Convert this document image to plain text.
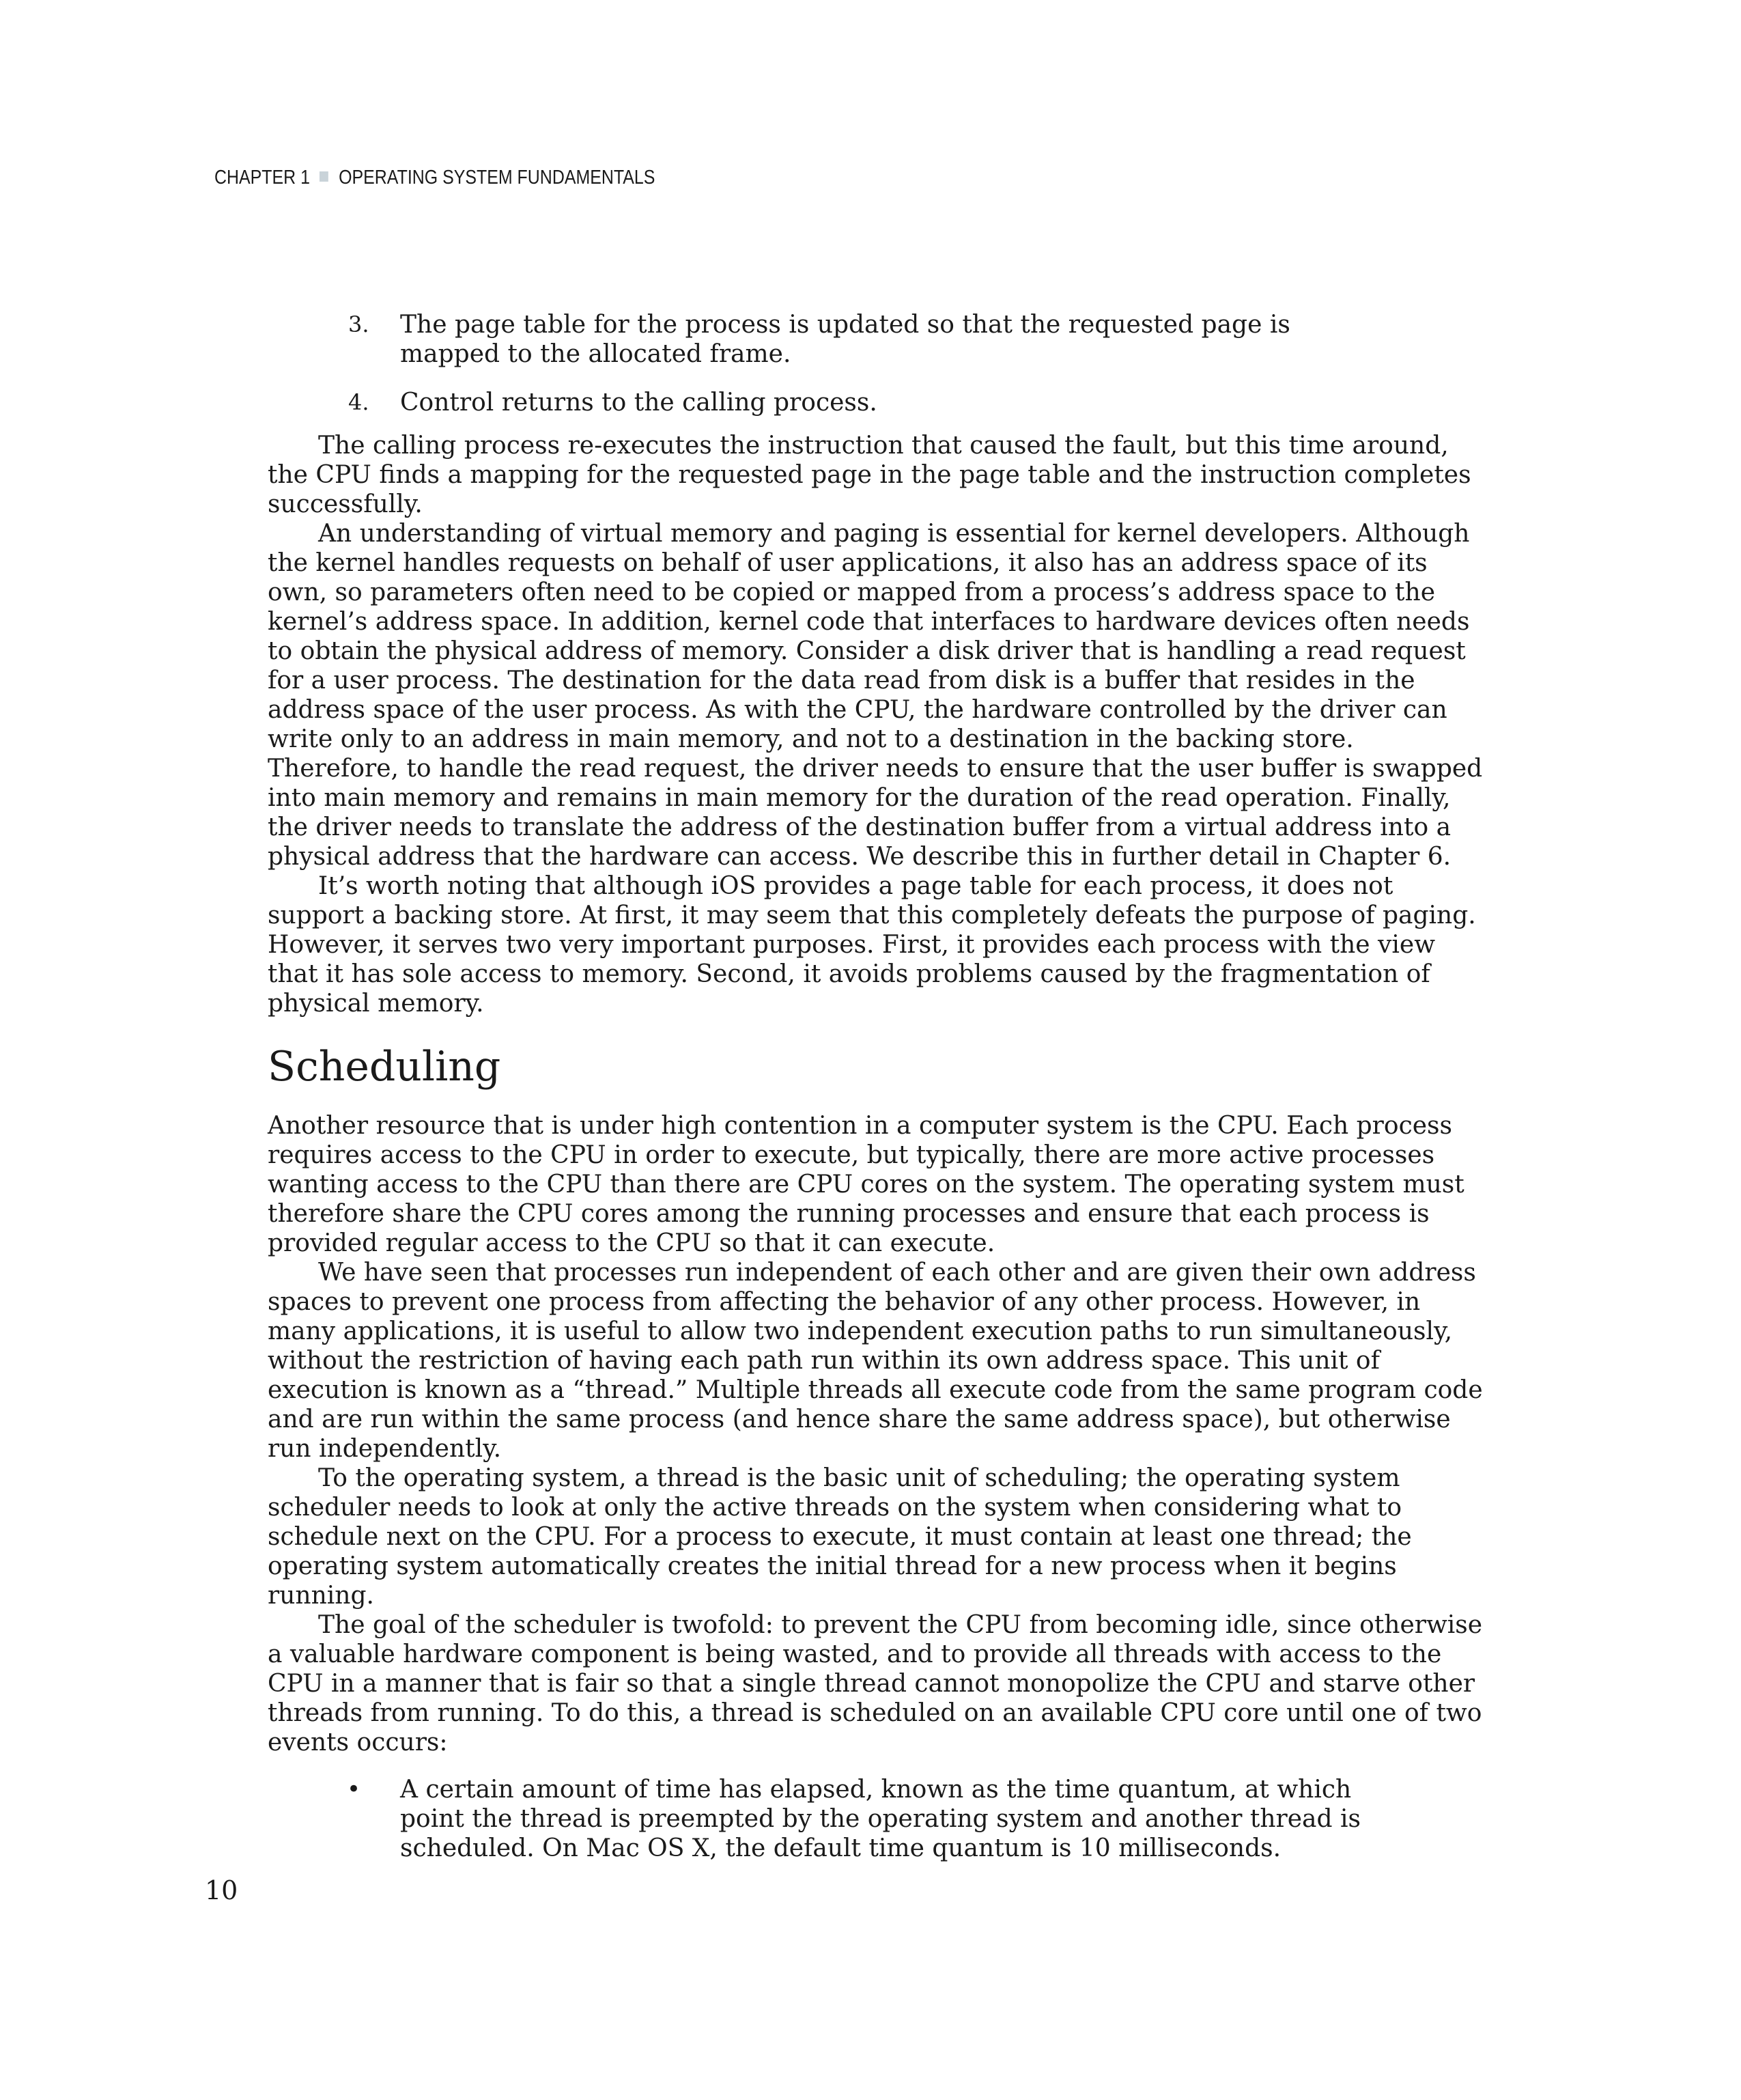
CHAPTER 1 OPERATING SYSTEM FUNDAMENTALS
3. The page table for the process is updated so that the requested page is mapped to the allocated frame.
4. Control returns to the calling process.

The calling process re-executes the instruction that caused the fault, but this time around, the CPU finds a mapping for the requested page in the page table and the instruction completes successfully.

An understanding of virtual memory and paging is essential for kernel developers. Although the kernel handles requests on behalf of user applications, it also has an address space of its own, so parameters often need to be copied or mapped from a process’s address space to the kernel’s address space. In addition, kernel code that interfaces to hardware devices often needs to obtain the physical address of memory. Consider a disk driver that is handling a read request for a user process. The destination for the data read from disk is a buffer that resides in the address space of the user process. As with the CPU, the hardware controlled by the driver can write only to an address in main memory, and not to a destination in the backing store. Therefore, to handle the read request, the driver needs to ensure that the user buffer is swapped into main memory and remains in main memory for the duration of the read operation. Finally, the driver needs to translate the address of the destination buffer from a virtual address into a physical address that the hardware can access. We describe this in further detail in Chapter 6.

It’s worth noting that although iOS provides a page table for each process, it does not support a backing store. At first, it may seem that this completely defeats the purpose of paging. However, it serves two very important purposes. First, it provides each process with the view that it has sole access to memory. Second, it avoids problems caused by the fragmentation of physical memory.

Scheduling

Another resource that is under high contention in a computer system is the CPU. Each process requires access to the CPU in order to execute, but typically, there are more active processes wanting access to the CPU than there are CPU cores on the system. The operating system must therefore share the CPU cores among the running processes and ensure that each process is provided regular access to the CPU so that it can execute.

We have seen that processes run independent of each other and are given their own address spaces to prevent one process from affecting the behavior of any other process. However, in many applications, it is useful to allow two independent execution paths to run simultaneously, without the restriction of having each path run within its own address space. This unit of execution is known as a “thread.” Multiple threads all execute code from the same program code and are run within the same process (and hence share the same address space), but otherwise run independently.

To the operating system, a thread is the basic unit of scheduling; the operating system scheduler needs to look at only the active threads on the system when considering what to schedule next on the CPU. For a process to execute, it must contain at least one thread; the operating system automatically creates the initial thread for a new process when it begins running.

The goal of the scheduler is twofold: to prevent the CPU from becoming idle, since otherwise a valuable hardware component is being wasted, and to provide all threads with access to the CPU in a manner that is fair so that a single thread cannot monopolize the CPU and starve other threads from running. To do this, a thread is scheduled on an available CPU core until one of two events occurs:

• A certain amount of time has elapsed, known as the time quantum, at which point the thread is preempted by the operating system and another thread is scheduled. On Mac OS X, the default time quantum is 10 milliseconds.
10
